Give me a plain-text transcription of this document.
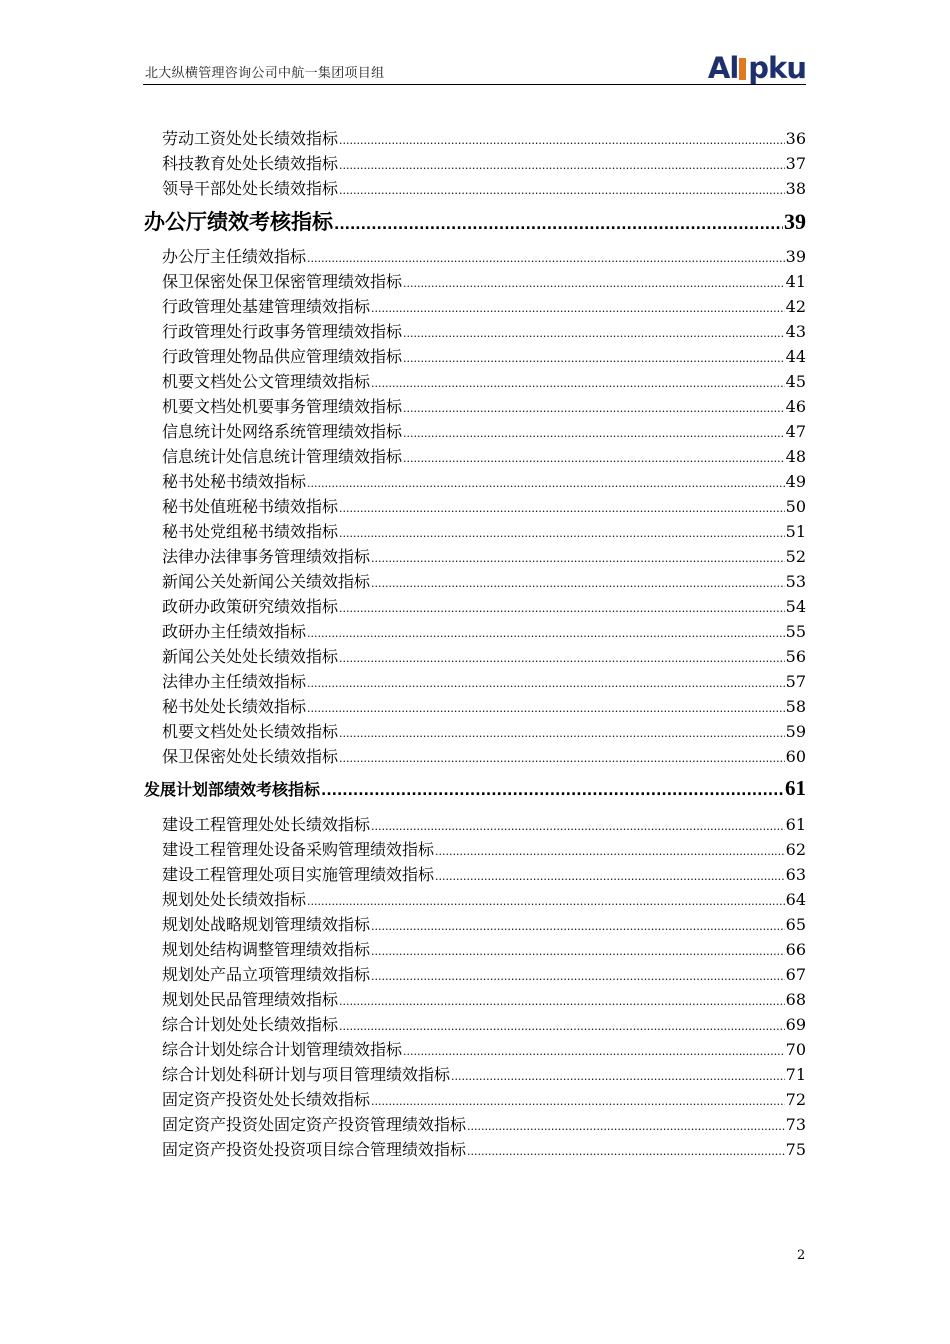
北大纵横管理咨询公司中航一集团项目组	Al pku
劳动工资处处长绩效指标 .....	36
科技教育处处长绩效指标 .....	37
领导干部处处长绩效指标 .....	38
办公厅绩效考核指标 .....	39
办公厅主任绩效指标 .....	39
保卫保密处保卫保密管理绩效指标 .....	41
行政管理处基建管理绩效指标 .....	42
行政管理处行政事务管理绩效指标 .....	43
行政管理处物品供应管理绩效指标 .....	44
机要文档处公文管理绩效指标 .....	45
机要文档处机要事务管理绩效指标 .....	46
信息统计处网络系统管理绩效指标 .....	47
信息统计处信息统计管理绩效指标 .....	48
秘书处秘书绩效指标 .....	49
秘书处值班秘书绩效指标 .....	50
秘书处党组秘书绩效指标 .....	51
法律办法律事务管理绩效指标 .....	52
新闻公关处新闻公关绩效指标 .....	53
政研办政策研究绩效指标 .....	54
政研办主任绩效指标 .....	55
新闻公关处处长绩效指标 .....	56
法律办主任绩效指标 .....	57
秘书处处长绩效指标 .....	58
机要文档处处长绩效指标 .....	59
保卫保密处处长绩效指标 .....	60
发展计划部绩效考核指标 .....	61
建设工程管理处处长绩效指标 .....	61
建设工程管理处设备采购管理绩效指标 .....	62
建设工程管理处项目实施管理绩效指标 .....	63
规划处处长绩效指标 .....	64
规划处战略规划管理绩效指标 .....	65
规划处结构调整管理绩效指标 .....	66
规划处产品立项管理绩效指标 .....	67
规划处民品管理绩效指标 .....	68
综合计划处处长绩效指标 .....	69
综合计划处综合计划管理绩效指标 .....	70
综合计划处科研计划与项目管理绩效指标 .....	71
固定资产投资处处长绩效指标 .....	72
固定资产投资处固定资产投资管理绩效指标 .....	73
固定资产投资处投资项目综合管理绩效指标 .....	75
2
